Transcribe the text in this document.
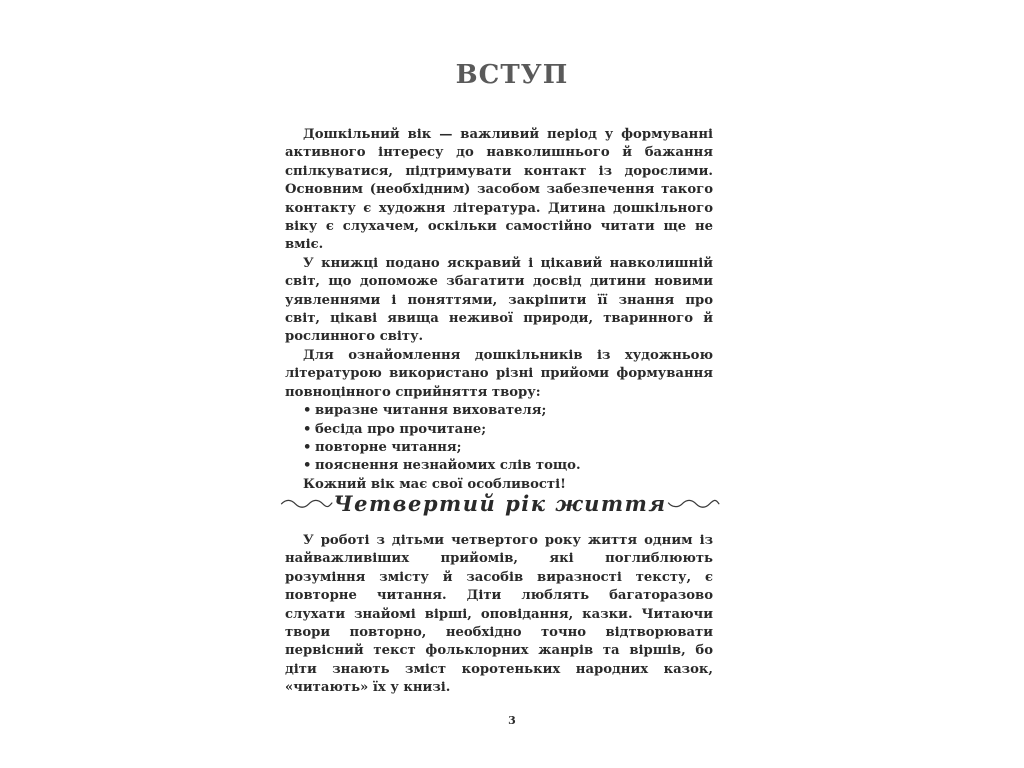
ВСТУП

Дошкільний вік — важливий період у формуванні активного інтересу до навколишнього й бажання спілкуватися, підтримувати контакт із дорослими. Основним (необхідним) засобом забезпечення такого контакту є художня література. Дитина дошкільного віку є слухачем, оскільки самостійно читати ще не вміє.

У книжці подано яскравий і цікавий навколишній світ, що допоможе збагатити досвід дитини новими уявленнями і поняттями, закріпити її знання про світ, цікаві явища неживої природи, тваринного й рослинного світу.

Для ознайомлення дошкільників із художньою літературою використано різні прийоми формування повноцінного сприйняття твору:

• виразне читання вихователя;
• бесіда про прочитане;
• повторне читання;
• пояснення незнайомих слів тощо.

Кожний вік має свої особливості!

Четвертий рік життя

У роботі з дітьми четвертого року життя одним із найважливіших прийомів, які поглиблюють розуміння змісту й засобів виразності тексту, є повторне читання. Діти люблять багаторазово слухати знайомі вірші, оповідання, казки. Читаючи твори повторно, необхідно точно відтворювати первісний текст фольклорних жанрів та віршів, бо діти знають зміст коротеньких народних казок, «читають» їх у книзі.

3
